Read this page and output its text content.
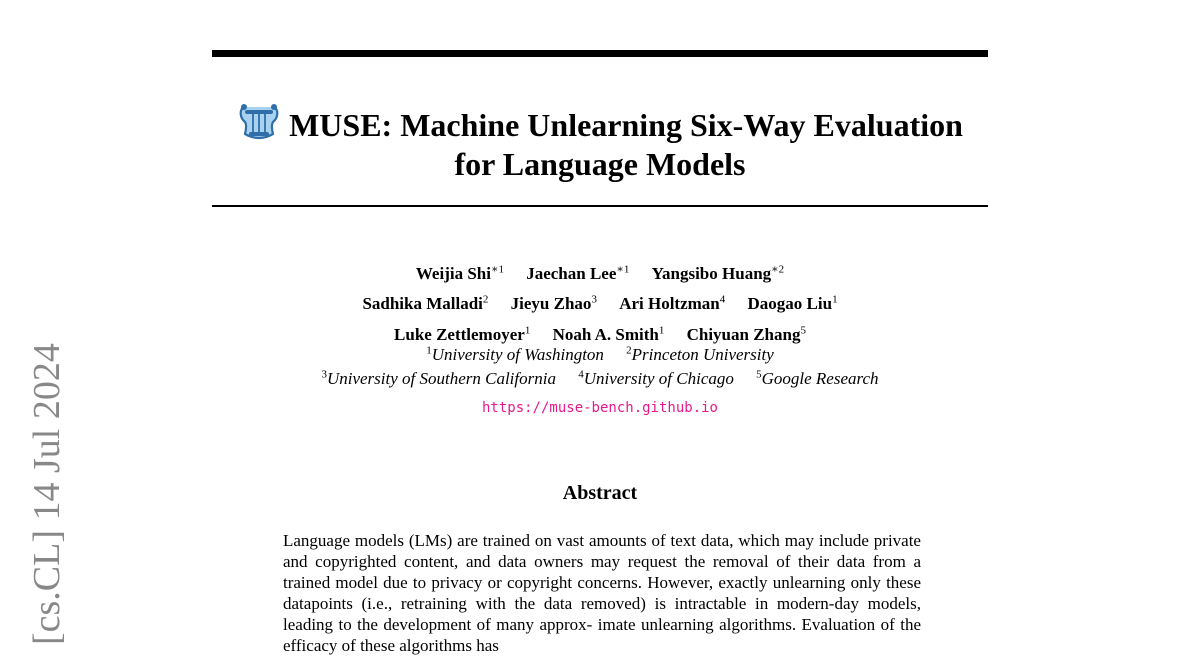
MUSE: Machine Unlearning Six-Way Evaluation
for Language Models
Weijia Shi$^{∗1}$ Jaechan Lee$^{∗1}$ Yangsibo Huang$^{∗2}$
Sadhika Malladi$^2$ Jieyu Zhao$^3$ Ari Holtzman$^4$ Daogao Liu$^1$
Luke Zettlemoyer$^1$ Noah A. Smith$^1$ Chiyuan Zhang$^5$
$^1$University of Washington $^2$Princeton University
$^3$University of Southern California $^4$University of Chicago $^5$Google Research
https://muse-bench.github.io
Abstract
Language models (LMs) are trained on vast amounts of text data, which may include private and copyrighted content, and data owners may request the removal of their data from a trained model due to privacy or copyright concerns. However, exactly unlearning only these datapoints (i.e., retraining with the data removed) is intractable in modern-day models, leading to the development of many approx- imate unlearning algorithms. Evaluation of the efficacy of these algorithms has
[cs.CL] 14 Jul 2024
